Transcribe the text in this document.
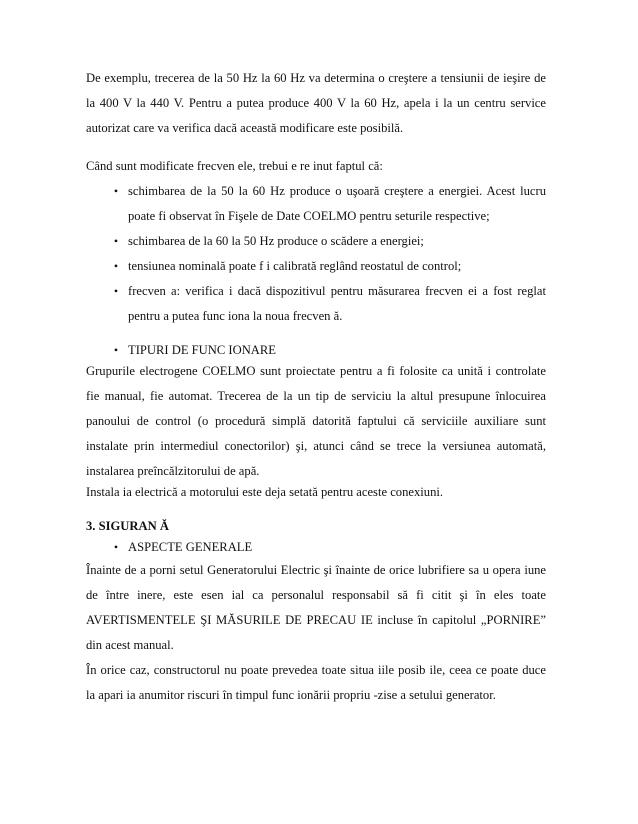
De exemplu, trecerea de la 50 Hz la 60 Hz va determina o creştere a tensiunii de ieşire de
la 400 V la 440 V. Pentru a putea produce 400 V la 60 Hz, apela i la un centru service
autorizat care va verifica dacă această modificare este posibilă.
Când sunt modificate frecven ele, trebui e re inut faptul că:
• schimbarea de la 50 la 60 Hz produce o uşoară creştere a energiei. Acest lucru
poate fi observat în Fişele de Date COELMO pentru seturile respective;
• schimbarea de la 60 la 50 Hz produce o scădere a energiei;
• tensiunea nominală poate f i calibrată reglând reostatul de control;
• frecven a: verifica i dacă dispozitivul pentru măsurarea frecven ei a fost reglat
pentru a putea func iona la noua frecven ă.
• TIPURI DE FUNC IONARE
Grupurile electrogene COELMO sunt proiectate pentru a fi folosite ca unită i controlate
fie manual, fie automat. Trecerea de la un tip de serviciu la altul presupune înlocuirea
panoului de control (o procedură simplă datorită faptului că serviciile auxiliare sunt
instalate prin intermediul conectorilor) şi, atunci când se trece la versiunea automată,
instalarea preîncălzitorului de apă.
Instala ia electrică a motorului este deja setată pentru aceste conexiuni.
3. SIGURAN Ă
• ASPECTE GENERALE
Înainte de a porni setul Generatorului Electric şi înainte de orice lubrifiere sa u opera iune
de între inere, este esen ial ca personalul responsabil să fi citit şi în eles toate
AVERTISMENTELE ŞI MĂSURILE DE PRECAU IE incluse în capitolul „PORNIRE”
din acest manual.
În orice caz, constructorul nu poate prevedea toate situa iile posib ile, ceea ce poate duce
la apari ia anumitor riscuri în timpul func ionării propriu -zise a setului generator.
